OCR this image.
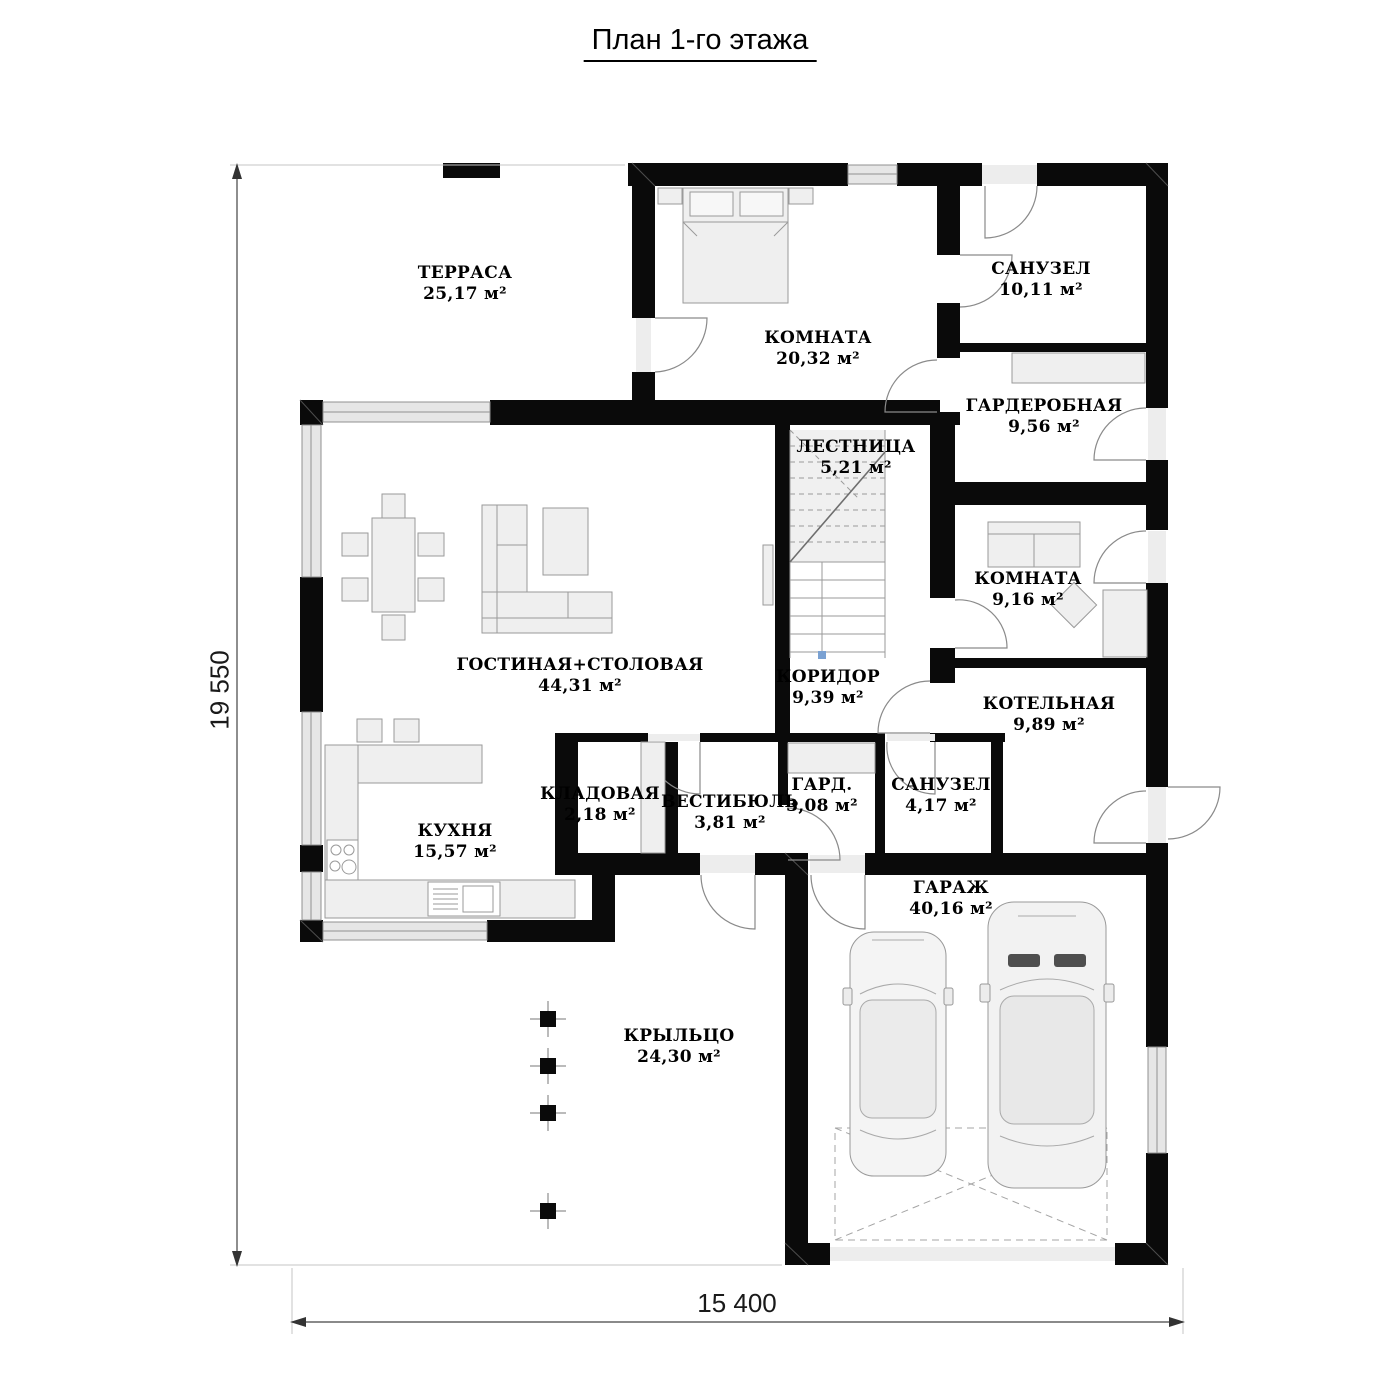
План 1-го этажа
ТЕРРАСА
25,17 м²
КОМНАТА
20,32 м²
САНУЗЕЛ
10,11 м²
ГАРДЕРОБНАЯ
9,56 м²
ЛЕСТНИЦА
5,21 м²
КОМНАТА
9,16 м²
ГОСТИНАЯ+СТОЛОВАЯ
44,31 м²	КОРИДОР
9,39 м²	КОТЕЛЬНАЯ
9,89 м²
КЛАДОВАЯ
2,18 м²
ВЕСТИБЮЛЬ
3,81 м²
ГАРД.
3,08 м²
САНУЗЕЛ
4,17 м²
КУХНЯ
15,57 м²
ГАРАЖ
40,16 м²
КРЫЛЬЦО
24,30 м²
19 550
15 400
